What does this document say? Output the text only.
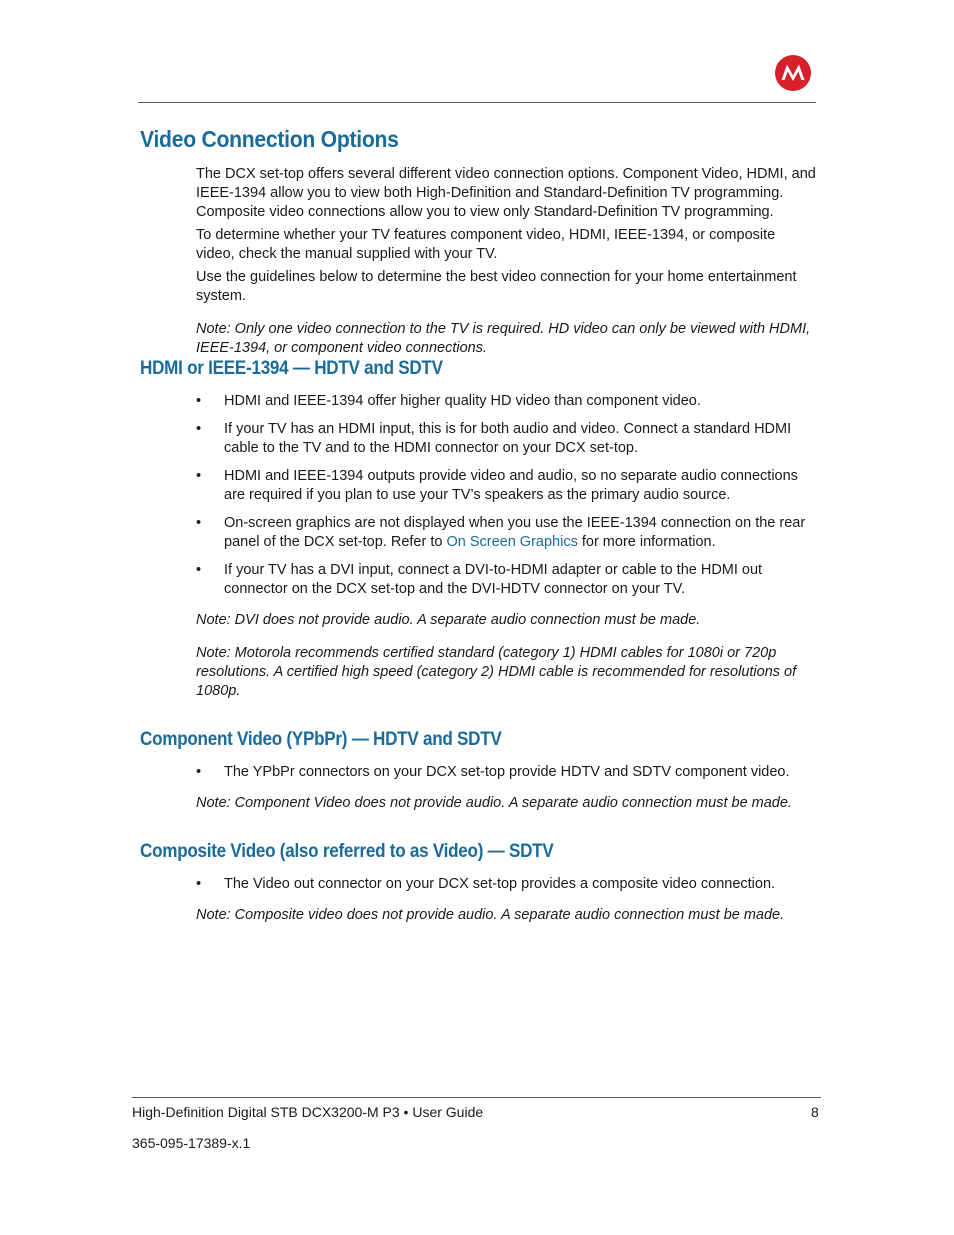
Video Connection Options

The DCX set-top offers several different video connection options. Component Video, HDMI, and IEEE-1394 allow you to view both High-Definition and Standard-Definition TV programming. Composite video connections allow you to view only Standard-Definition TV programming.

To determine whether your TV features component video, HDMI, IEEE-1394, or composite video, check the manual supplied with your TV.

Use the guidelines below to determine the best video connection for your home entertainment system.

Note: Only one video connection to the TV is required. HD video can only be viewed with HDMI, IEEE-1394, or component video connections.

HDMI or IEEE-1394 — HDTV and SDTV
• HDMI and IEEE-1394 offer higher quality HD video than component video.
• If your TV has an HDMI input, this is for both audio and video. Connect a standard HDMI cable to the TV and to the HDMI connector on your DCX set-top.
• HDMI and IEEE-1394 outputs provide video and audio, so no separate audio connections are required if you plan to use your TV’s speakers as the primary audio source.
• On-screen graphics are not displayed when you use the IEEE-1394 connection on the rear panel of the DCX set-top. Refer to On Screen Graphics for more information.
• If your TV has a DVI input, connect a DVI-to-HDMI adapter or cable to the HDMI out connector on the DCX set-top and the DVI-HDTV connector on your TV.

Note: DVI does not provide audio. A separate audio connection must be made.

Note: Motorola recommends certified standard (category 1) HDMI cables for 1080i or 720p resolutions. A certified high speed (category 2) HDMI cable is recommended for resolutions of 1080p.

Component Video (YPbPr) — HDTV and SDTV
• The YPbPr connectors on your DCX set-top provide HDTV and SDTV component video.

Note: Component Video does not provide audio. A separate audio connection must be made.

Composite Video (also referred to as Video) — SDTV
• The Video out connector on your DCX set-top provides a composite video connection.

Note: Composite video does not provide audio. A separate audio connection must be made.

High-Definition Digital STB DCX3200-M P3 • User Guide	8
365-095-17389-x.1
